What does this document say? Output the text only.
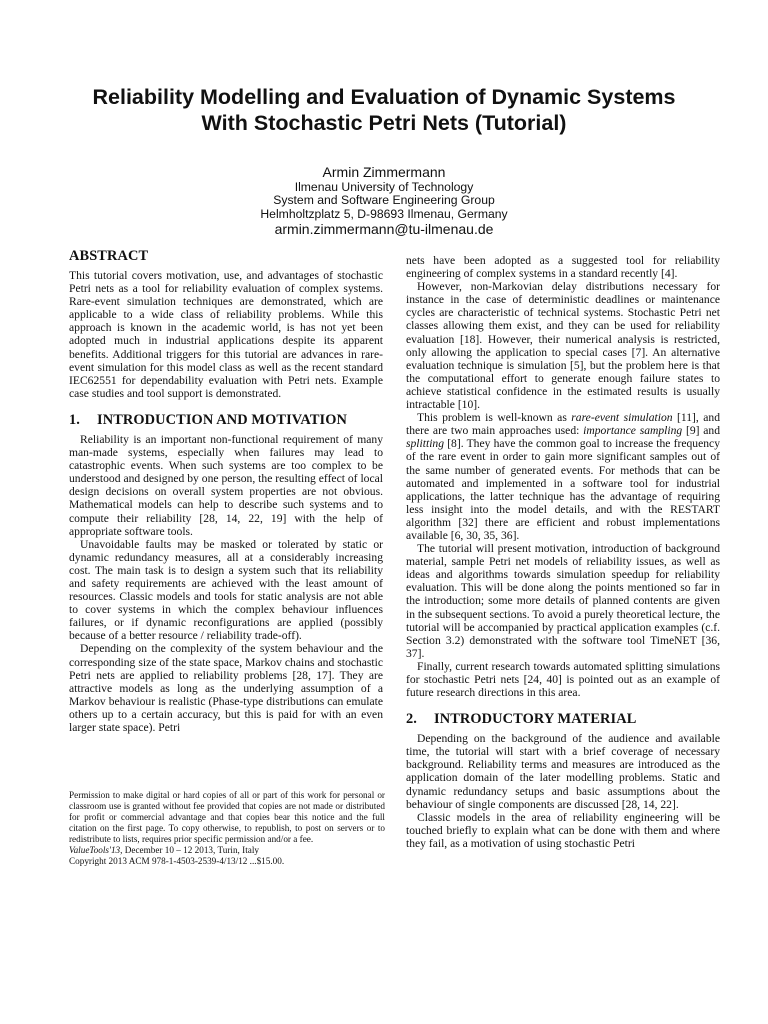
Reliability Modelling and Evaluation of Dynamic Systems
With Stochastic Petri Nets (Tutorial)
Armin Zimmermann
Ilmenau University of Technology
System and Software Engineering Group
Helmholtzplatz 5, D-98693 Ilmenau, Germany
armin.zimmermann@tu-ilmenau.de
ABSTRACT

This tutorial covers motivation, use, and advantages of stochastic Petri nets as a tool for reliability evaluation of complex systems. Rare-event simulation techniques are demonstrated, which are applicable to a wide class of reliability problems. While this approach is known in the academic world, is has not yet been adopted much in industrial applications despite its apparent benefits. Additional triggers for this tutorial are advances in rare-event simulation for this model class as well as the recent standard IEC62551 for dependability evaluation with Petri nets. Example case studies and tool support is demonstrated.

1. INTRODUCTION AND MOTIVATION

Reliability is an important non-functional requirement of many man-made systems, especially when failures may lead to catastrophic events. When such systems are too complex to be understood and designed by one person, the resulting effect of local design decisions on overall system properties are not obvious. Mathematical models can help to describe such systems and to compute their reliability [28, 14, 22, 19] with the help of appropriate software tools.

Unavoidable faults may be masked or tolerated by static or dynamic redundancy measures, all at a considerably increasing cost. The main task is to design a system such that its reliability and safety requirements are achieved with the least amount of resources. Classic models and tools for static analysis are not able to cover systems in which the complex behaviour influences failures, or if dynamic reconfigurations are applied (possibly because of a better resource / reliability trade-off).

Depending on the complexity of the system behaviour and the corresponding size of the state space, Markov chains and stochastic Petri nets are applied to reliability problems [28, 17]. They are attractive models as long as the underlying assumption of a Markov behaviour is realistic (Phase-type distributions can emulate others up to a certain accuracy, but this is paid for with an even larger state space). Petri

Permission to make digital or hard copies of all or part of this work for personal or classroom use is granted without fee provided that copies are not made or distributed for profit or commercial advantage and that copies bear this notice and the full citation on the first page. To copy otherwise, to republish, to post on servers or to redistribute to lists, requires prior specific permission and/or a fee.

ValueTools'13, December 10 – 12 2013, Turin, Italy

Copyright 2013 ACM 978-1-4503-2539-4/13/12 ...$15.00.

nets have been adopted as a suggested tool for reliability engineering of complex systems in a standard recently [4].

However, non-Markovian delay distributions necessary for instance in the case of deterministic deadlines or maintenance cycles are characteristic of technical systems. Stochastic Petri net classes allowing them exist, and they can be used for reliability evaluation [18]. However, their numerical analysis is restricted, only allowing the application to special cases [7]. An alternative evaluation technique is simulation [5], but the problem here is that the computational effort to generate enough failure states to achieve statistical confidence in the estimated results is usually intractable [10].

This problem is well-known as rare-event simulation [11], and there are two main approaches used: importance sampling [9] and splitting [8]. They have the common goal to increase the frequency of the rare event in order to gain more significant samples out of the same number of generated events. For methods that can be automated and implemented in a software tool for industrial applications, the latter technique has the advantage of requiring less insight into the model details, and with the RESTART algorithm [32] there are efficient and robust implementations available [6, 30, 35, 36].

The tutorial will present motivation, introduction of background material, sample Petri net models of reliability issues, as well as ideas and algorithms towards simulation speedup for reliability evaluation. This will be done along the points mentioned so far in the introduction; some more details of planned contents are given in the subsequent sections. To avoid a purely theoretical lecture, the tutorial will be accompanied by practical application examples (c.f. Section 3.2) demonstrated with the software tool TimeNET [36, 37].

Finally, current research towards automated splitting simulations for stochastic Petri nets [24, 40] is pointed out as an example of future research directions in this area.

2. INTRODUCTORY MATERIAL

Depending on the background of the audience and available time, the tutorial will start with a brief coverage of necessary background. Reliability terms and measures are introduced as the application domain of the later modelling problems. Static and dynamic redundancy setups and basic assumptions about the behaviour of single components are discussed [28, 14, 22].

Classic models in the area of reliability engineering will be touched briefly to explain what can be done with them and where they fail, as a motivation of using stochastic Petri
